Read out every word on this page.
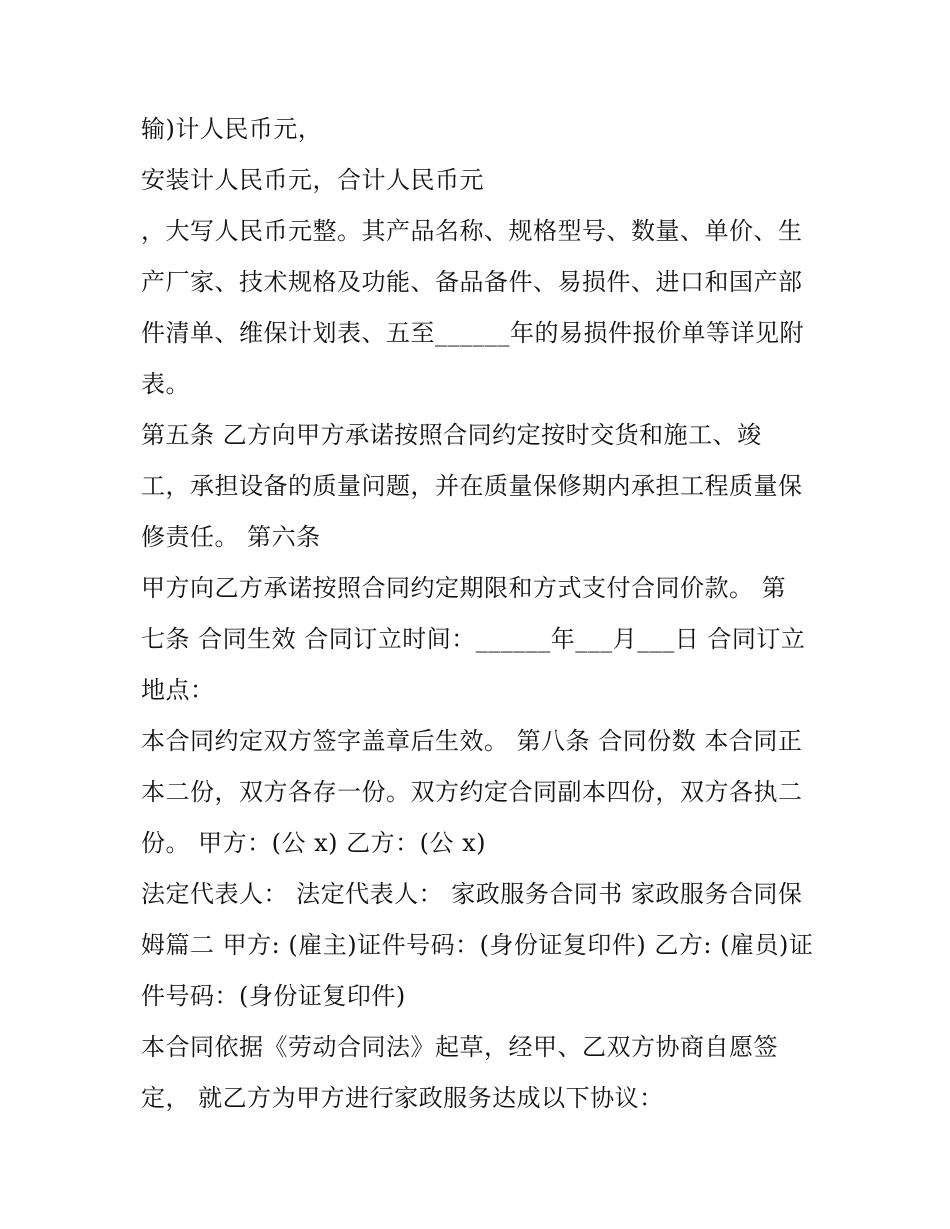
输)计人民币元，
安装计人民币元，合计人民币元
，大写人民币元整。其产品名称、规格型号、数量、单价、生
产厂家、技术规格及功能、备品备件、易损件、进口和国产部
件清单、维保计划表、五至______年的易损件报价单等详见附
表。
第五条 乙方向甲方承诺按照合同约定按时交货和施工、竣
工，承担设备的质量问题，并在质量保修期内承担工程质量保
修责任。 第六条
甲方向乙方承诺按照合同约定期限和方式支付合同价款。 第
七条 合同生效 合同订立时间：______年___月___日 合同订立
地点：
本合同约定双方签字盖章后生效。 第八条 合同份数 本合同正
本二份，双方各存一份。双方约定合同副本四份，双方各执二
份。 甲方：(公 x) 乙方：(公 x)
法定代表人： 法定代表人： 家政服务合同书 家政服务合同保
姆篇二 甲方: (雇主)证件号码：(身份证复印件) 乙方: (雇员)证
件号码：(身份证复印件)
本合同依据《劳动合同法》起草，经甲、乙双方协商自愿签
定， 就乙方为甲方进行家政服务达成以下协议：
